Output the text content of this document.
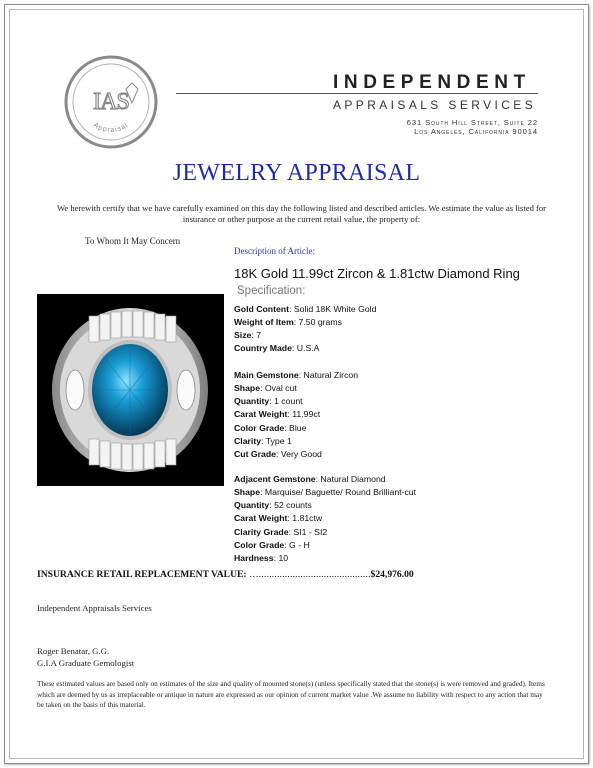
IAS
Appraisal
INDEPENDENT
APPRAISALS SERVICES
631 South Hill Street, Suite 22
Los Angeles, California 90014
JEWELRY APPRAISAL
We herewith certify that we have carefully examined on this day the following listed and described articles. We estimate the value as listed for insurance or other purpose at the current retail value, the property of:
To Whom It May Concern
Description of Article:
18K Gold 11.99ct Zircon & 1.81ctw Diamond Ring
Specification:
Gold Content: Solid 18K White Gold
Weight of Item: 7.50 grams
Size: 7
Country Made: U.S.A
Main Gemstone: Natural Zircon
Shape: Oval cut
Quantity: 1 count
Carat Weight: 11.99ct
Color Grade: Blue
Clarity: Type 1
Cut Grade: Very Good
Adjacent Gemstone: Natural Diamond
Shape: Marquise/ Baguette/ Round Brilliant-cut
Quantity: 52 counts
Carat Weight: 1.81ctw
Clarity Grade: SI1 - SI2
Color Grade: G - H
Hardness: 10
INSURANCE RETAIL REPLACEMENT VALUE: …...........................................$24,976.00
Independent Appraisals Services
Roger Benatar, G.G.
G.I.A Graduate Gemologist
These estimated values are based only on estimates of the size and quality of mounted stone(s) (unless specifically stated that the stone(s) is were removed and graded). Items which are deemed by us as irreplaceable or antique in nature are expressed as our opinion of current market value .We assume no liability with respect to any action that may be taken on the basis of this material.
